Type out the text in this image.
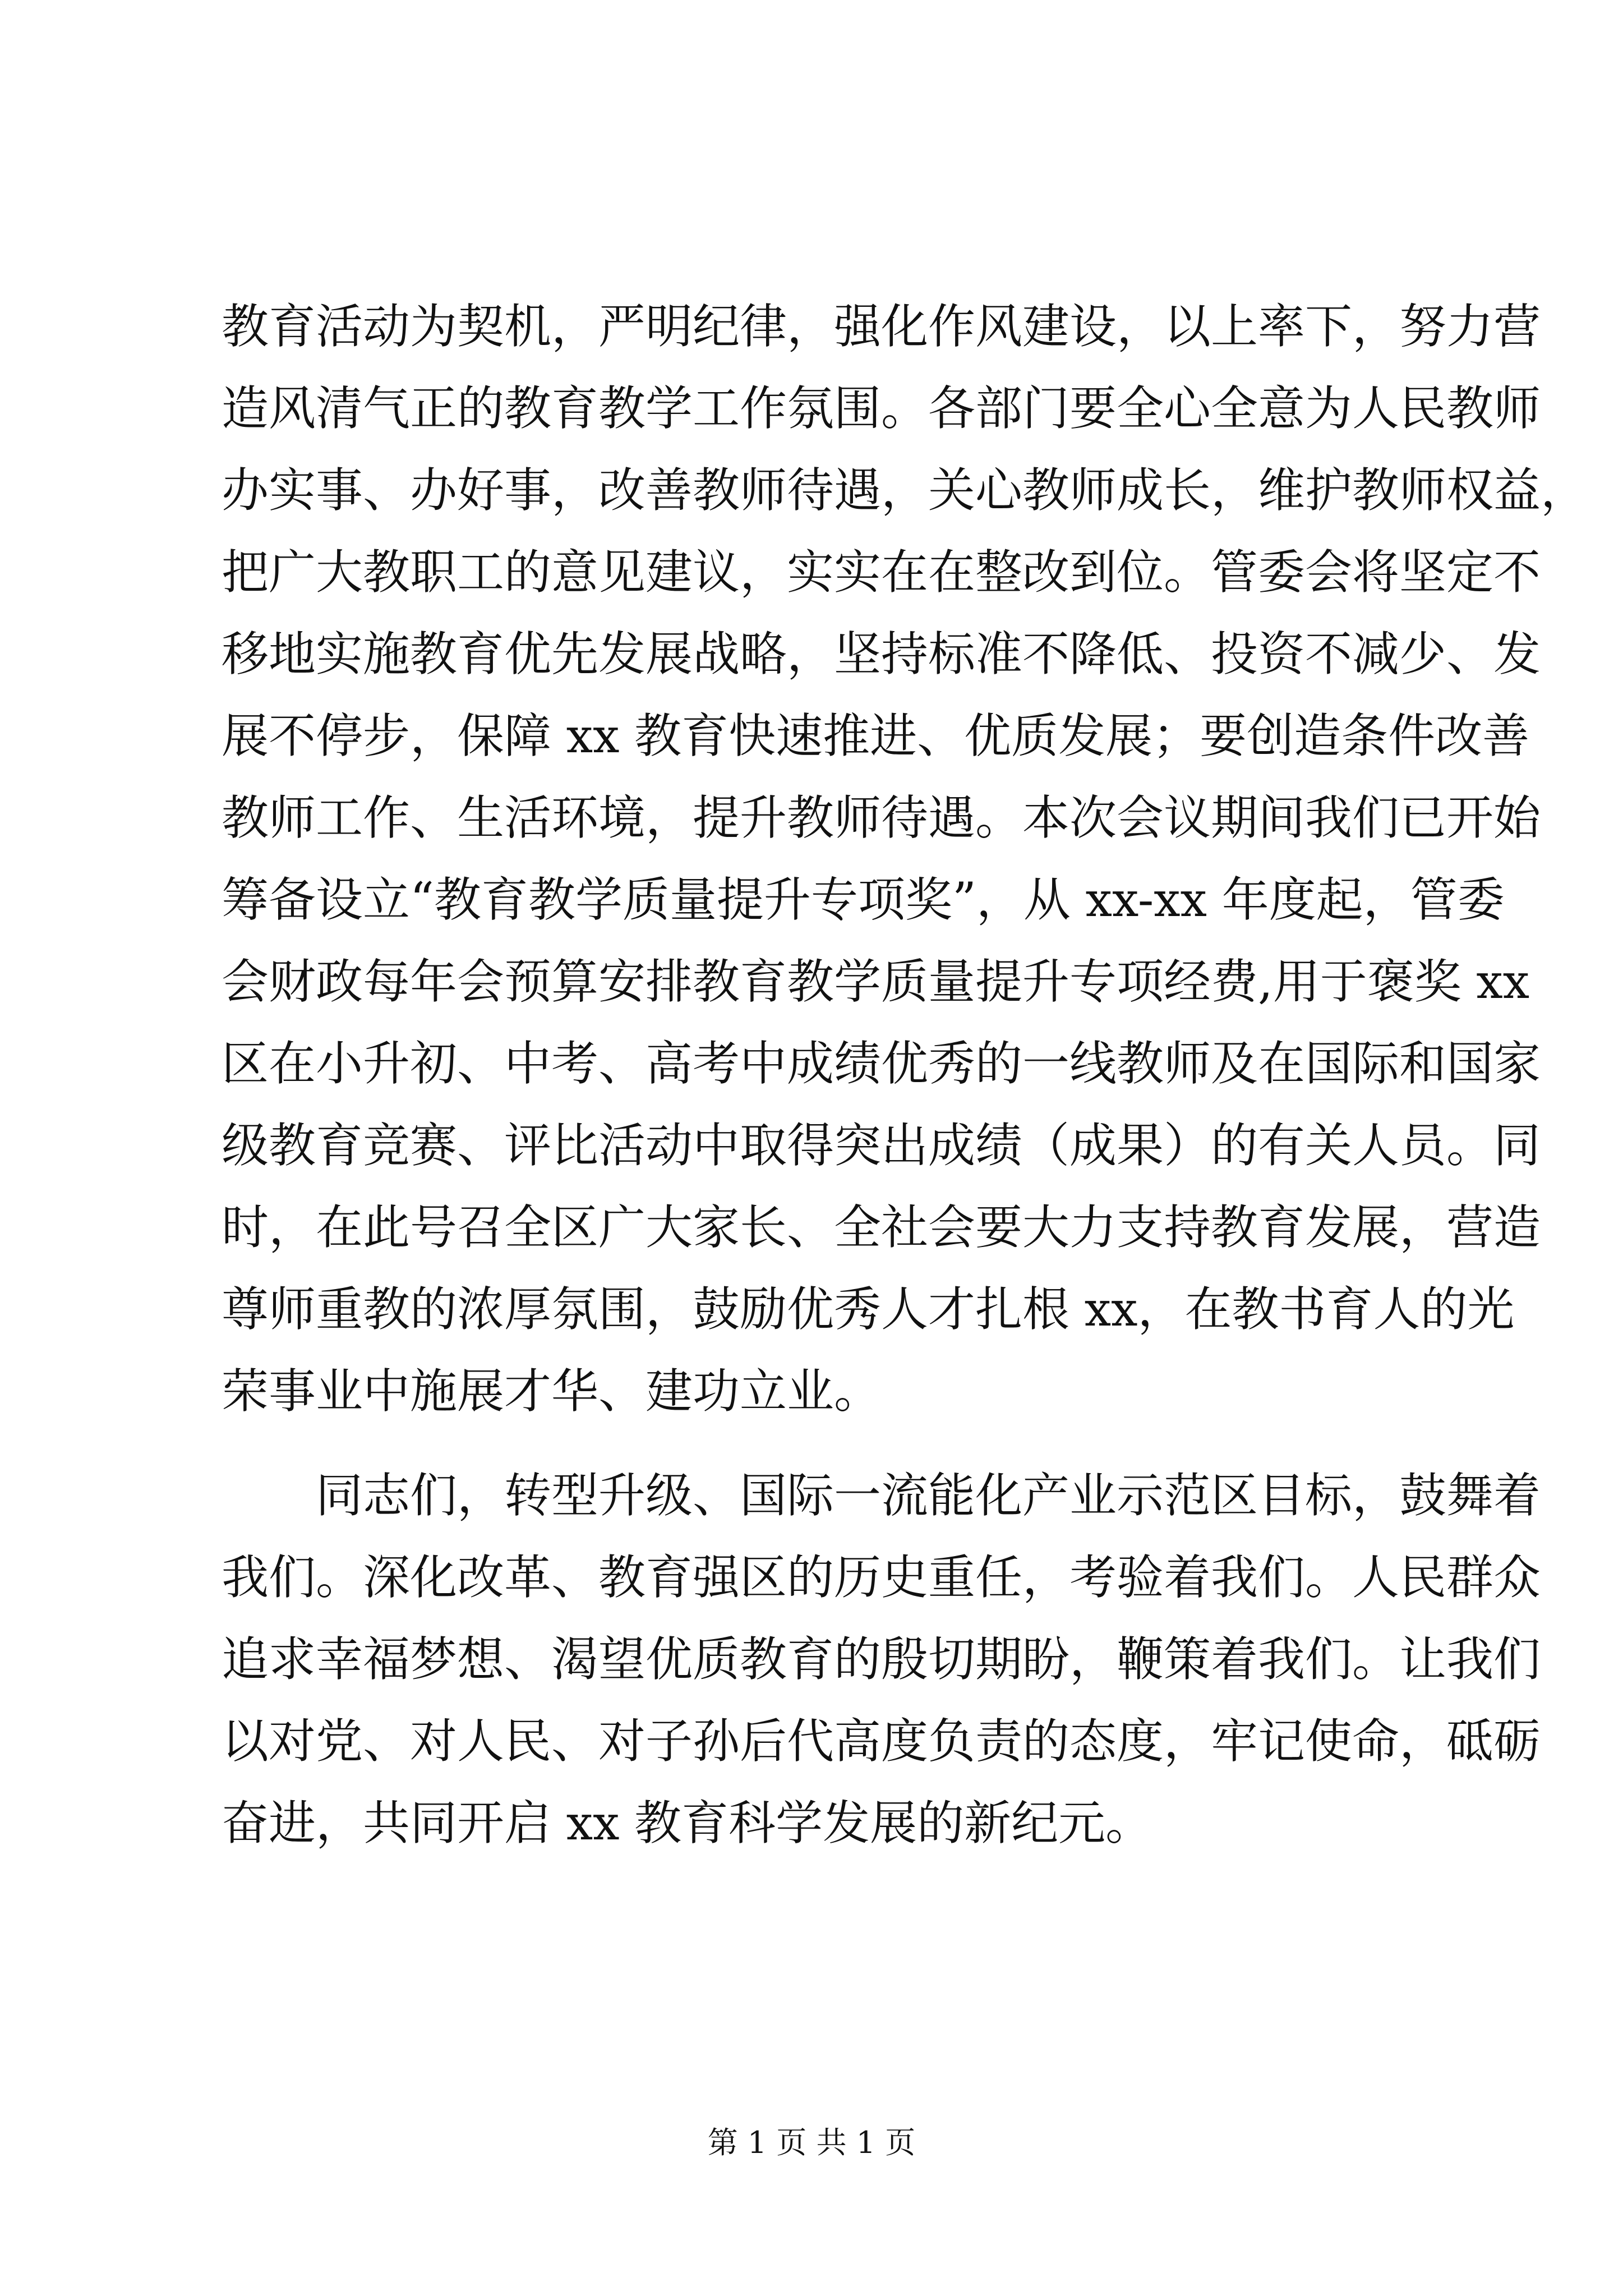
教育活动为契机，严明纪律，强化作风建设，以上率下，努力营
造风清气正的教育教学工作氛围。各部门要全心全意为人民教师
办实事、办好事，改善教师待遇，关心教师成长，维护教师权益，
把广大教职工的意见建议，实实在在整改到位。管委会将坚定不
移地实施教育优先发展战略，坚持标准不降低、投资不减少、发
展不停步，保障 xx 教育快速推进、优质发展；要创造条件改善
教师工作、生活环境，提升教师待遇。本次会议期间我们已开始
筹备设立“教育教学质量提升专项奖”，从 xx-xx 年度起，管委
会财政每年会预算安排教育教学质量提升专项经费,用于褒奖 xx
区在小升初、中考、高考中成绩优秀的一线教师及在国际和国家
级教育竞赛、评比活动中取得突出成绩（成果）的有关人员。同
时，在此号召全区广大家长、全社会要大力支持教育发展，营造
尊师重教的浓厚氛围，鼓励优秀人才扎根 xx，在教书育人的光
荣事业中施展才华、建功立业。
　　同志们，转型升级、国际一流能化产业示范区目标，鼓舞着
我们。深化改革、教育强区的历史重任，考验着我们。人民群众
追求幸福梦想、渴望优质教育的殷切期盼，鞭策着我们。让我们
以对党、对人民、对子孙后代高度负责的态度，牢记使命，砥砺
奋进，共同开启 xx 教育科学发展的新纪元。
第 1 页 共 1 页
